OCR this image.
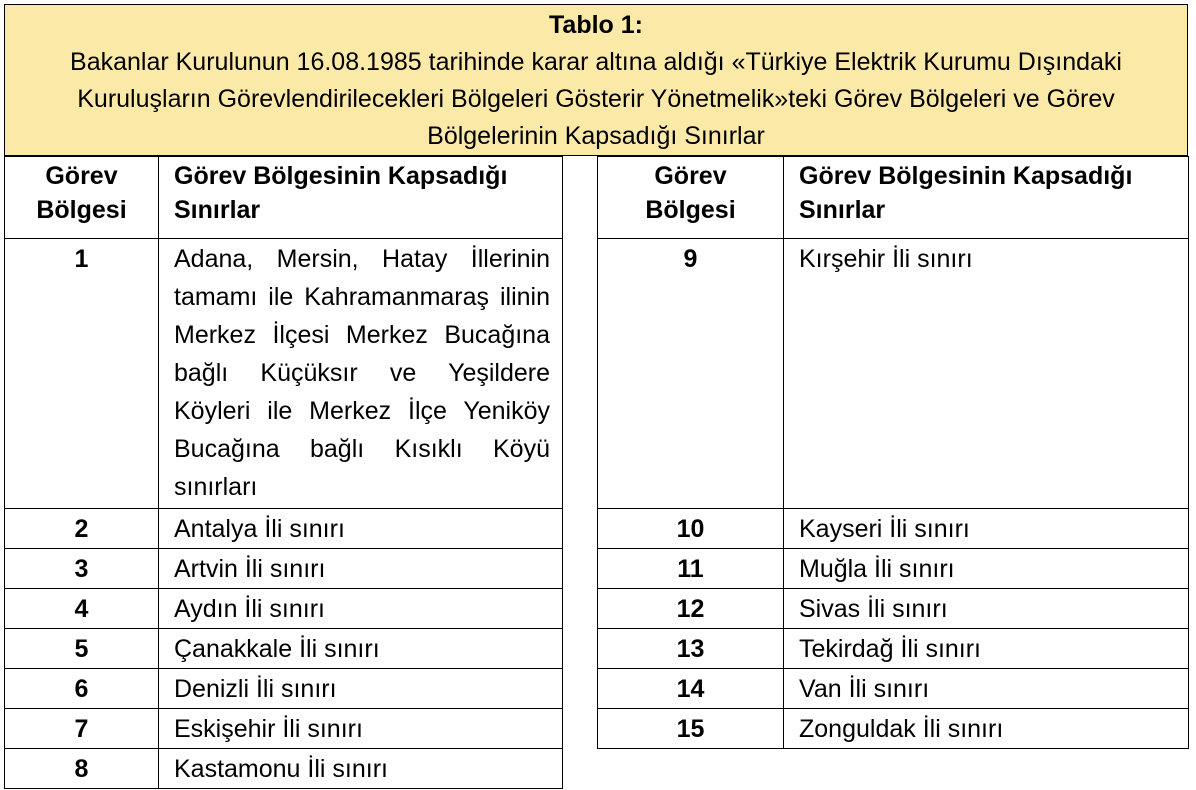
Tablo 1:
Bakanlar Kurulunun 16.08.1985 tarihinde karar altına aldığı «Türkiye Elektrik Kurumu Dışındaki Kuruluşların Görevlendirilecekleri Bölgeleri Gösterir Yönetmelik»teki Görev Bölgeleri ve Görev Bölgelerinin Kapsadığı Sınırlar
Görev Bölgesi	Görev Bölgesinin Kapsadığı Sınırlar
1	Adana, Mersin, Hatay İllerinin tamamı ile Kahramanmaraş ilinin Merkez İlçesi Merkez Bucağına bağlı Küçüksır ve Yeşildere Köyleri ile Merkez İlçe Yeniköy Bucağına bağlı Kısıklı Köyü sınırları
2	Antalya İli sınırı
3	Artvin İli sınırı
4	Aydın İli sınırı
5	Çanakkale İli sınırı
6	Denizli İli sınırı
7	Eskişehir İli sınırı
8	Kastamonu İli sınırı
Görev Bölgesi	Görev Bölgesinin Kapsadığı Sınırlar
9	Kırşehir İli sınırı
10	Kayseri İli sınırı
11	Muğla İli sınırı
12	Sivas İli sınırı
13	Tekirdağ İli sınırı
14	Van İli sınırı
15	Zonguldak İli sınırı
